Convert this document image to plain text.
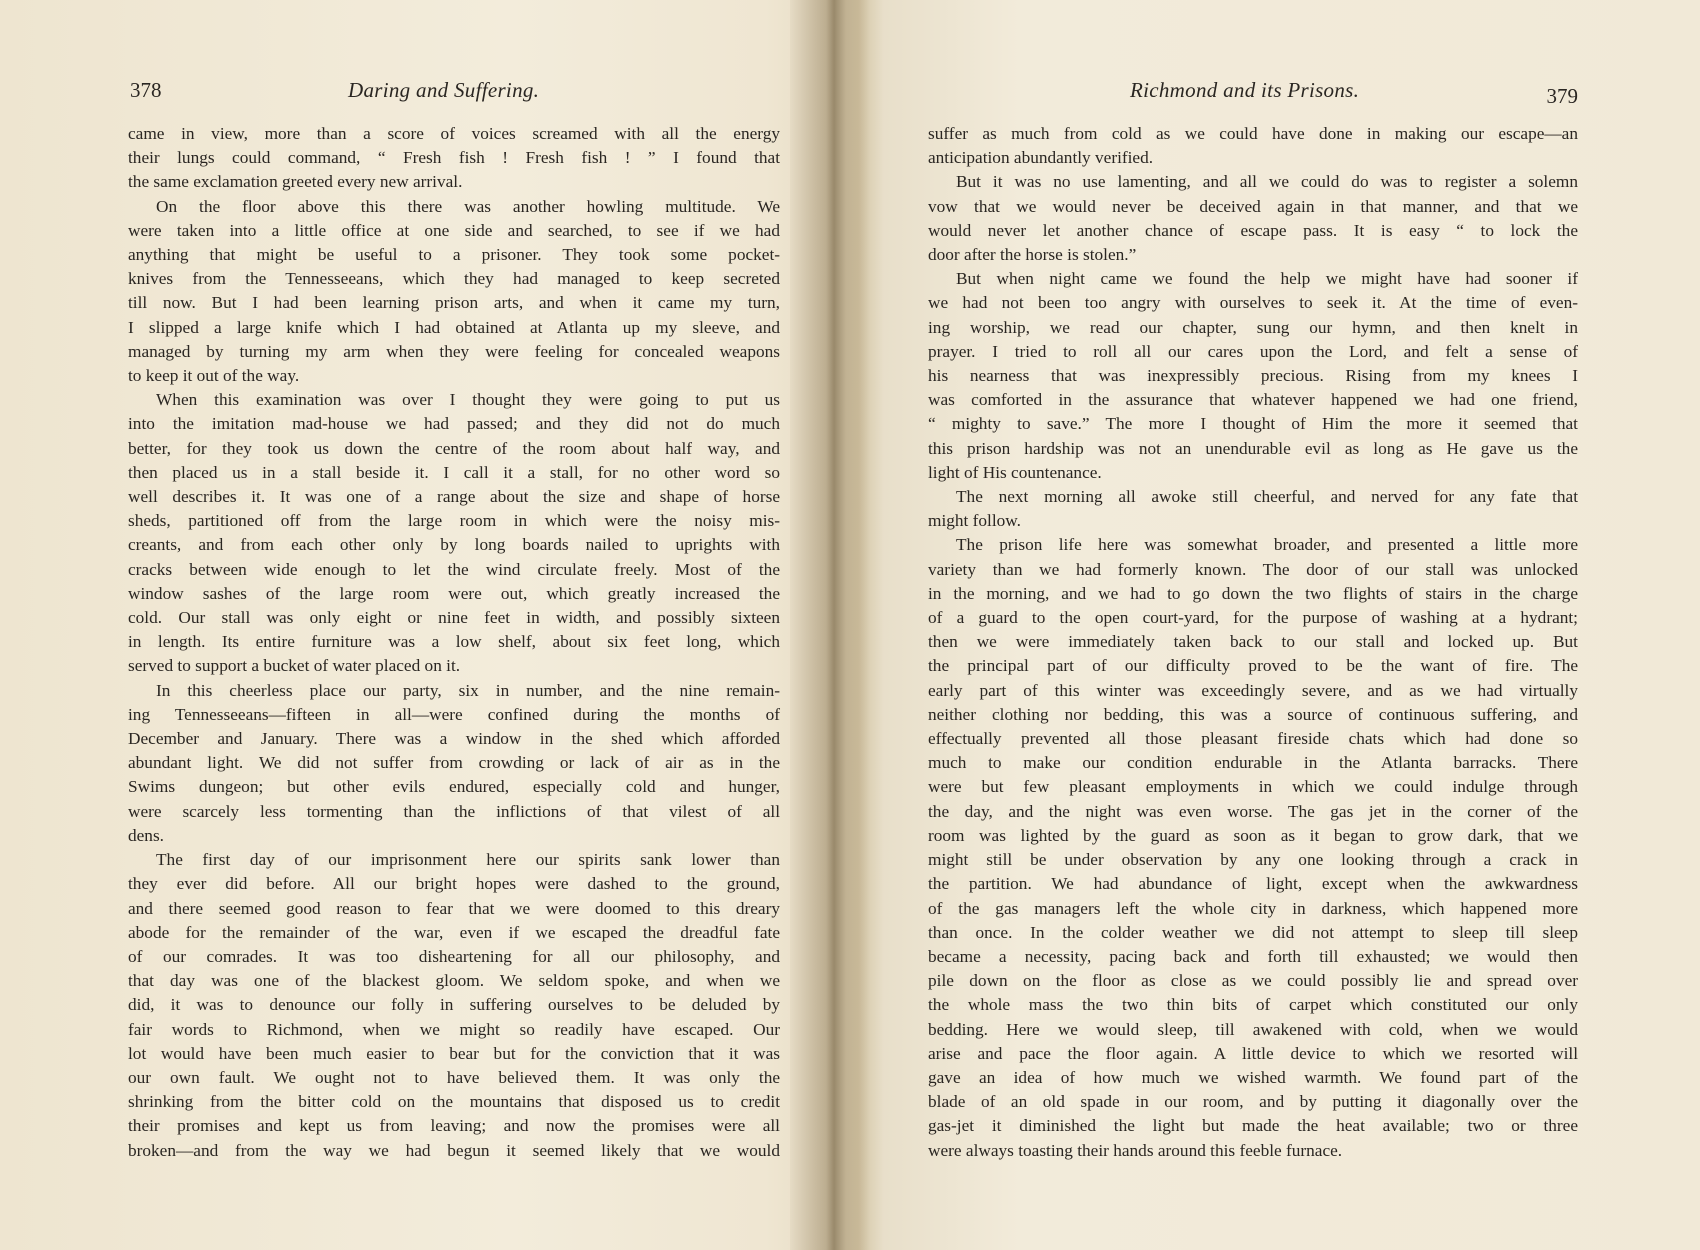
378	Daring and Suffering.
came in view, more than a score of voices screamed with all the energy
their lungs could command, “ Fresh fish ! Fresh fish ! ” I found that
the same exclamation greeted every new arrival.
On the floor above this there was another howling multitude. We
were taken into a little office at one side and searched, to see if we had
anything that might be useful to a prisoner. They took some pocket-
knives from the Tennesseeans, which they had managed to keep secreted
till now. But I had been learning prison arts, and when it came my turn,
I slipped a large knife which I had obtained at Atlanta up my sleeve, and
managed by turning my arm when they were feeling for concealed weapons
to keep it out of the way.
When this examination was over I thought they were going to put us
into the imitation mad-house we had passed; and they did not do much
better, for they took us down the centre of the room about half way, and
then placed us in a stall beside it. I call it a stall, for no other word so
well describes it. It was one of a range about the size and shape of horse
sheds, partitioned off from the large room in which were the noisy mis-
creants, and from each other only by long boards nailed to uprights with
cracks between wide enough to let the wind circulate freely. Most of the
window sashes of the large room were out, which greatly increased the
cold. Our stall was only eight or nine feet in width, and possibly sixteen
in length. Its entire furniture was a low shelf, about six feet long, which
served to support a bucket of water placed on it.
In this cheerless place our party, six in number, and the nine remain-
ing Tennesseeans—fifteen in all—were confined during the months of
December and January. There was a window in the shed which afforded
abundant light. We did not suffer from crowding or lack of air as in the
Swims dungeon; but other evils endured, especially cold and hunger,
were scarcely less tormenting than the inflictions of that vilest of all
dens.
The first day of our imprisonment here our spirits sank lower than
they ever did before. All our bright hopes were dashed to the ground,
and there seemed good reason to fear that we were doomed to this dreary
abode for the remainder of the war, even if we escaped the dreadful fate
of our comrades. It was too disheartening for all our philosophy, and
that day was one of the blackest gloom. We seldom spoke, and when we
did, it was to denounce our folly in suffering ourselves to be deluded by
fair words to Richmond, when we might so readily have escaped. Our
lot would have been much easier to bear but for the conviction that it was
our own fault. We ought not to have believed them. It was only the
shrinking from the bitter cold on the mountains that disposed us to credit
their promises and kept us from leaving; and now the promises were all
broken—and from the way we had begun it seemed likely that we would
Richmond and its Prisons.	379
suffer as much from cold as we could have done in making our escape—an
anticipation abundantly verified.
But it was no use lamenting, and all we could do was to register a solemn
vow that we would never be deceived again in that manner, and that we
would never let another chance of escape pass. It is easy “ to lock the
door after the horse is stolen.”
But when night came we found the help we might have had sooner if
we had not been too angry with ourselves to seek it. At the time of even-
ing worship, we read our chapter, sung our hymn, and then knelt in
prayer. I tried to roll all our cares upon the Lord, and felt a sense of
his nearness that was inexpressibly precious. Rising from my knees I
was comforted in the assurance that whatever happened we had one friend,
“ mighty to save.” The more I thought of Him the more it seemed that
this prison hardship was not an unendurable evil as long as He gave us the
light of His countenance.
The next morning all awoke still cheerful, and nerved for any fate that
might follow.
The prison life here was somewhat broader, and presented a little more
variety than we had formerly known. The door of our stall was unlocked
in the morning, and we had to go down the two flights of stairs in the charge
of a guard to the open court-yard, for the purpose of washing at a hydrant;
then we were immediately taken back to our stall and locked up. But
the principal part of our difficulty proved to be the want of fire. The
early part of this winter was exceedingly severe, and as we had virtually
neither clothing nor bedding, this was a source of continuous suffering, and
effectually prevented all those pleasant fireside chats which had done so
much to make our condition endurable in the Atlanta barracks. There
were but few pleasant employments in which we could indulge through
the day, and the night was even worse. The gas jet in the corner of the
room was lighted by the guard as soon as it began to grow dark, that we
might still be under observation by any one looking through a crack in
the partition. We had abundance of light, except when the awkwardness
of the gas managers left the whole city in darkness, which happened more
than once. In the colder weather we did not attempt to sleep till sleep
became a necessity, pacing back and forth till exhausted; we would then
pile down on the floor as close as we could possibly lie and spread over
the whole mass the two thin bits of carpet which constituted our only
bedding. Here we would sleep, till awakened with cold, when we would
arise and pace the floor again. A little device to which we resorted will
gave an idea of how much we wished warmth. We found part of the
blade of an old spade in our room, and by putting it diagonally over the
gas-jet it diminished the light but made the heat available; two or three
were always toasting their hands around this feeble furnace.
